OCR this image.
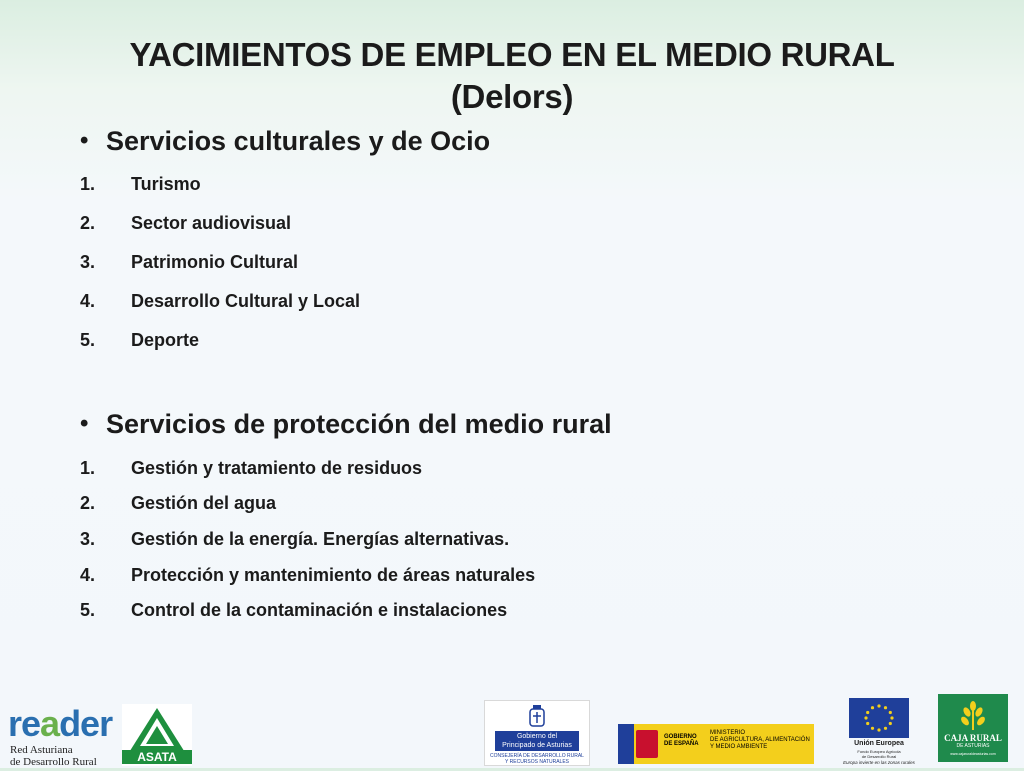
YACIMIENTOS DE EMPLEO EN EL MEDIO RURAL
(Delors)
• Servicios culturales y de Ocio
1. Turismo
2. Sector audiovisual
3. Patrimonio Cultural
4. Desarrollo Cultural y Local
5. Deporte
• Servicios de protección del medio rural
1. Gestión y tratamiento de residuos
2. Gestión del agua
3. Gestión de la energía. Energías alternativas.
4. Protección y mantenimiento de áreas naturales
5. Control de la contaminación e instalaciones
reader
Red Asturiana
de Desarrollo Rural	ASATA
Gobierno del
Principado de Asturias
CONSEJERÍA DE DESARROLLO RURAL
Y RECURSOS NATURALES
GOBIERNO
DE ESPAÑA
MINISTERIO
DE AGRICULTURA, ALIMENTACIÓN
Y MEDIO AMBIENTE	Unión Europea
Fondo Europeo Agrícola
de Desarrollo Rural
Europa invierte en las zonas rurales
CAJA RURAL
DE ASTURIAS
www.cajaruraldeasturias.com
